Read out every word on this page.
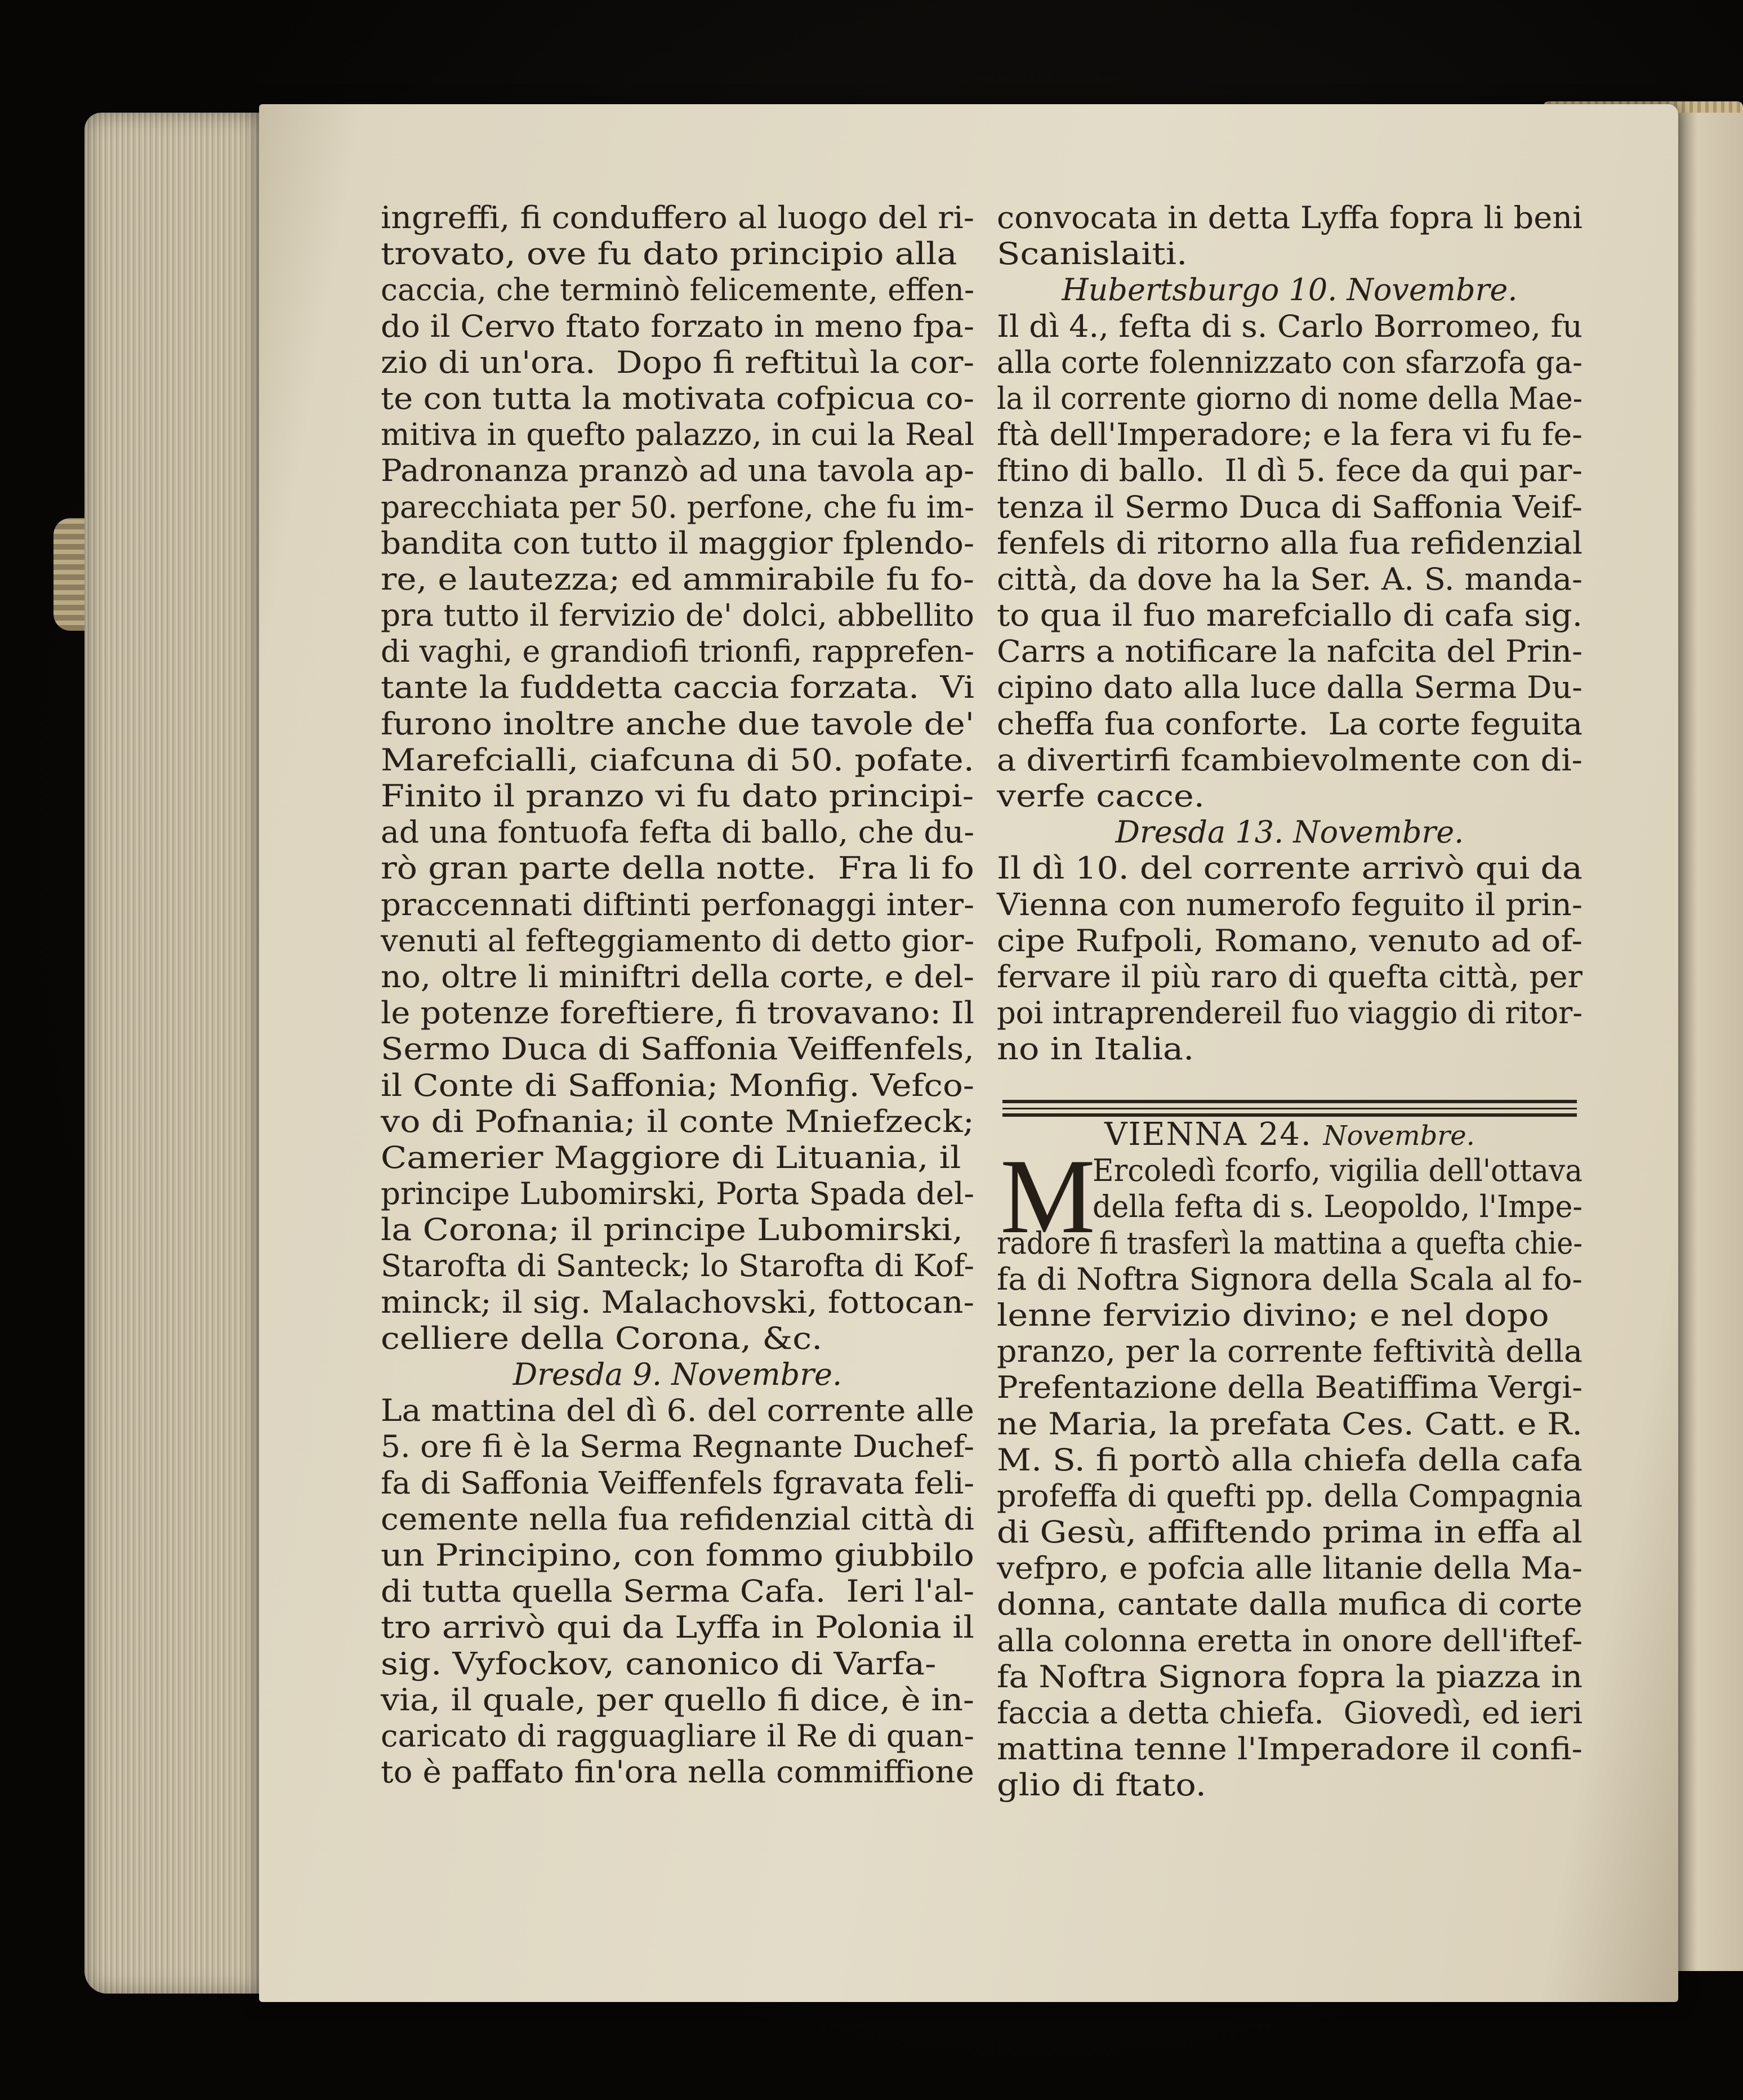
ingreffi, fi conduffero al luogo del ri-
trovato, ove fu dato principio alla
caccia, che terminò felicemente, effen-
do il Cervo ftato forzato in meno fpa-
zio di un'ora.  Dopo fi reftituì la cor-
te con tutta la motivata cofpicua co-
mitiva in quefto palazzo, in cui la Real
Padronanza pranzò ad una tavola ap-
parecchiata per 50. perfone, che fu im-
bandita con tutto il maggior fplendo-
re, e lautezza; ed ammirabile fu fo-
pra tutto il fervizio de' dolci, abbellito
di vaghi, e grandiofi trionfi, rapprefen-
tante la fuddetta caccia forzata.  Vi
furono inoltre anche due tavole de'
Marefcialli, ciafcuna di 50. pofate.
Finito il pranzo vi fu dato principi-
ad una fontuofa fefta di ballo, che du-
rò gran parte della notte.  Fra li fo
praccennati diftinti perfonaggi inter-
venuti al fefteggiamento di detto gior-
no, oltre li miniftri della corte, e del-
le potenze foreftiere, fi trovavano: Il
Sermo Duca di Saffonia Veiffenfels,
il Conte di Saffonia; Monfig. Vefco-
vo di Pofnania; il conte Mniefzeck;
Camerier Maggiore di Lituania, il
principe Lubomirski, Porta Spada del-
la Corona; il principe Lubomirski,
Starofta di Santeck; lo Starofta di Kof-
minck; il sig. Malachovski, fottocan-
celliere della Corona, &c.
Dresda 9. Novembre.
La mattina del dì 6. del corrente alle
5. ore fi è la Serma Regnante Duchef-
fa di Saffonia Veiffenfels fgravata feli-
cemente nella fua refidenzial città di
un Principino, con fommo giubbilo
di tutta quella Serma Cafa.  Ieri l'al-
tro arrivò qui da Lyffa in Polonia il
sig. Vyfockov, canonico di Varfa-
via, il quale, per quello fi dice, è in-
caricato di ragguagliare il Re di quan-
to è paffato fin'ora nella commiffione
convocata in detta Lyffa fopra li beni
Scanislaiti.
Hubertsburgo 10. Novembre.
Il dì 4., fefta di s. Carlo Borromeo, fu
alla corte folennizzato con sfarzofa ga-
la il corrente giorno di nome della Mae-
ftà dell'Imperadore; e la fera vi fu fe-
ftino di ballo.  Il dì 5. fece da qui par-
tenza il Sermo Duca di Saffonia Veif-
fenfels di ritorno alla fua refidenzial
città, da dove ha la Ser. A. S. manda-
to qua il fuo marefciallo di cafa sig.
Carrs a notificare la nafcita del Prin-
cipino dato alla luce dalla Serma Du-
cheffa fua conforte.  La corte feguita
a divertirfi fcambievolmente con di-
verfe cacce.
Dresda 13. Novembre.
Il dì 10. del corrente arrivò qui da
Vienna con numerofo feguito il prin-
cipe Rufpoli, Romano, venuto ad of-
fervare il più raro di quefta città, per
poi intraprendereil fuo viaggio di ritor-
no in Italia.
VIENNA 24. Novembre.
Ercoledì fcorfo, vigilia dell'ottava
della fefta di s. Leopoldo, l'Impe-
radore fi trasferì la mattina a quefta chie-
fa di Noftra Signora della Scala al fo-
lenne fervizio divino; e nel dopo
pranzo, per la corrente feftività della
Prefentazione della Beatiffima Vergi-
ne Maria, la prefata Ces. Catt. e R.
M. S. fi portò alla chiefa della cafa
profeffa di quefti pp. della Compagnia
di Gesù, affiftendo prima in effa al
vefpro, e pofcia alle litanie della Ma-
donna, cantate dalla mufica di corte
alla colonna eretta in onore dell'iftef-
fa Noftra Signora fopra la piazza in
faccia a detta chiefa.  Giovedì, ed ieri
mattina tenne l'Imperadore il confi-
glio di ftato.
M
